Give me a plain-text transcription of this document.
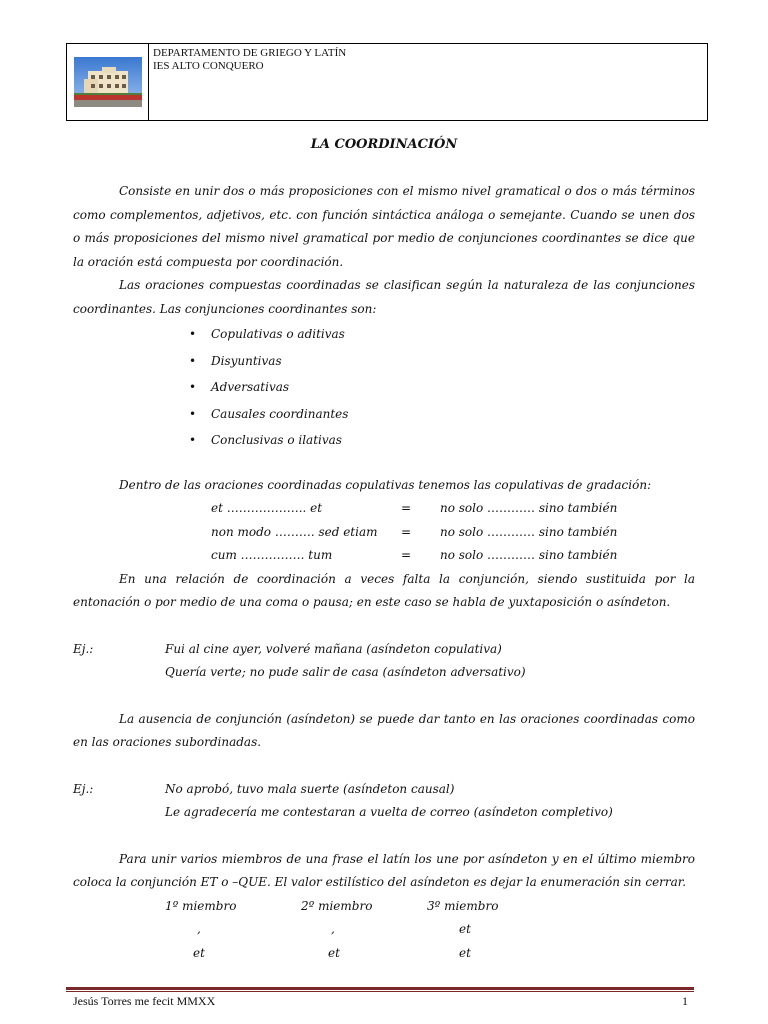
DEPARTAMENTO DE GRIEGO Y LATÍN
IES ALTO CONQUERO
LA COORDINACIÓN

Consiste en unir dos o más proposiciones con el mismo nivel gramatical o dos o más términos como complementos, adjetivos, etc. con función sintáctica análoga o semejante. Cuando se unen dos o más proposiciones del mismo nivel gramatical por medio de conjunciones coordinantes se dice que la oración está compuesta por coordinación.

Las oraciones compuestas coordinadas se clasifican según la naturaleza de las conjunciones coordinantes. Las conjunciones coordinantes son:

• Copulativas o aditivas
• Disyuntivas
• Adversativas
• Causales coordinantes
• Conclusivas o ilativas

Dentro de las oraciones coordinadas copulativas tenemos las copulativas de gradación:

et ……………….. et	=	no solo ………… sino también
non modo ………. sed etiam	=	no solo ………… sino también
cum ……………. tum	=	no solo ………… sino también

En una relación de coordinación a veces falta la conjunción, siendo sustituida por la entonación o por medio de una coma o pausa; en este caso se habla de yuxtaposición o asíndeton.

Ej.:	Fui al cine ayer, volveré mañana (asíndeton copulativa)
Quería verte; no pude salir de casa (asíndeton adversativo)

La ausencia de conjunción (asíndeton) se puede dar tanto en las oraciones coordinadas como en las oraciones subordinadas.

Ej.:	No aprobó, tuvo mala suerte (asíndeton causal)
Le agradecería me contestaran a vuelta de correo (asíndeton completivo)

Para unir varios miembros de una frase el latín los une por asíndeton y en el último miembro coloca la conjunción ET o –QUE. El valor estilístico del asíndeton es dejar la enumeración sin cerrar.

1º miembro	2º miembro	3º miembro
,	,	et
et	et	et
Jesús Torres me fecit MMXX	1
